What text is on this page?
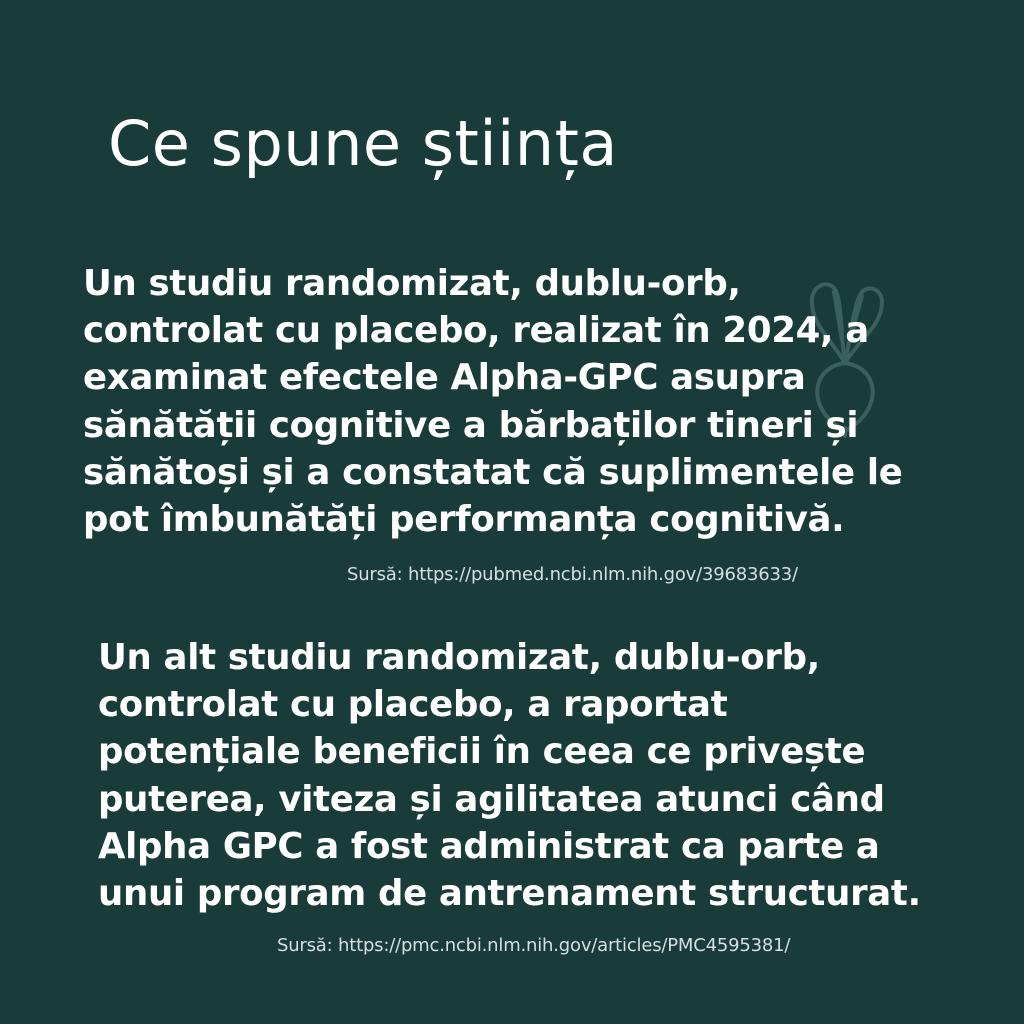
Ce spune știința
Un studiu randomizat, dublu-orb,
controlat cu placebo, realizat în 2024, a
examinat efectele Alpha-GPC asupra
sănătății cognitive a bărbaților tineri și
sănătoși și a constatat că suplimentele le
pot îmbunătăți performanța cognitivă.
Sursă: https://pubmed.ncbi.nlm.nih.gov/39683633/
Un alt studiu randomizat, dublu-orb,
controlat cu placebo, a raportat
potențiale beneficii în ceea ce privește
puterea, viteza și agilitatea atunci când
Alpha GPC a fost administrat ca parte a
unui program de antrenament structurat.
Sursă: https://pmc.ncbi.nlm.nih.gov/articles/PMC4595381/
